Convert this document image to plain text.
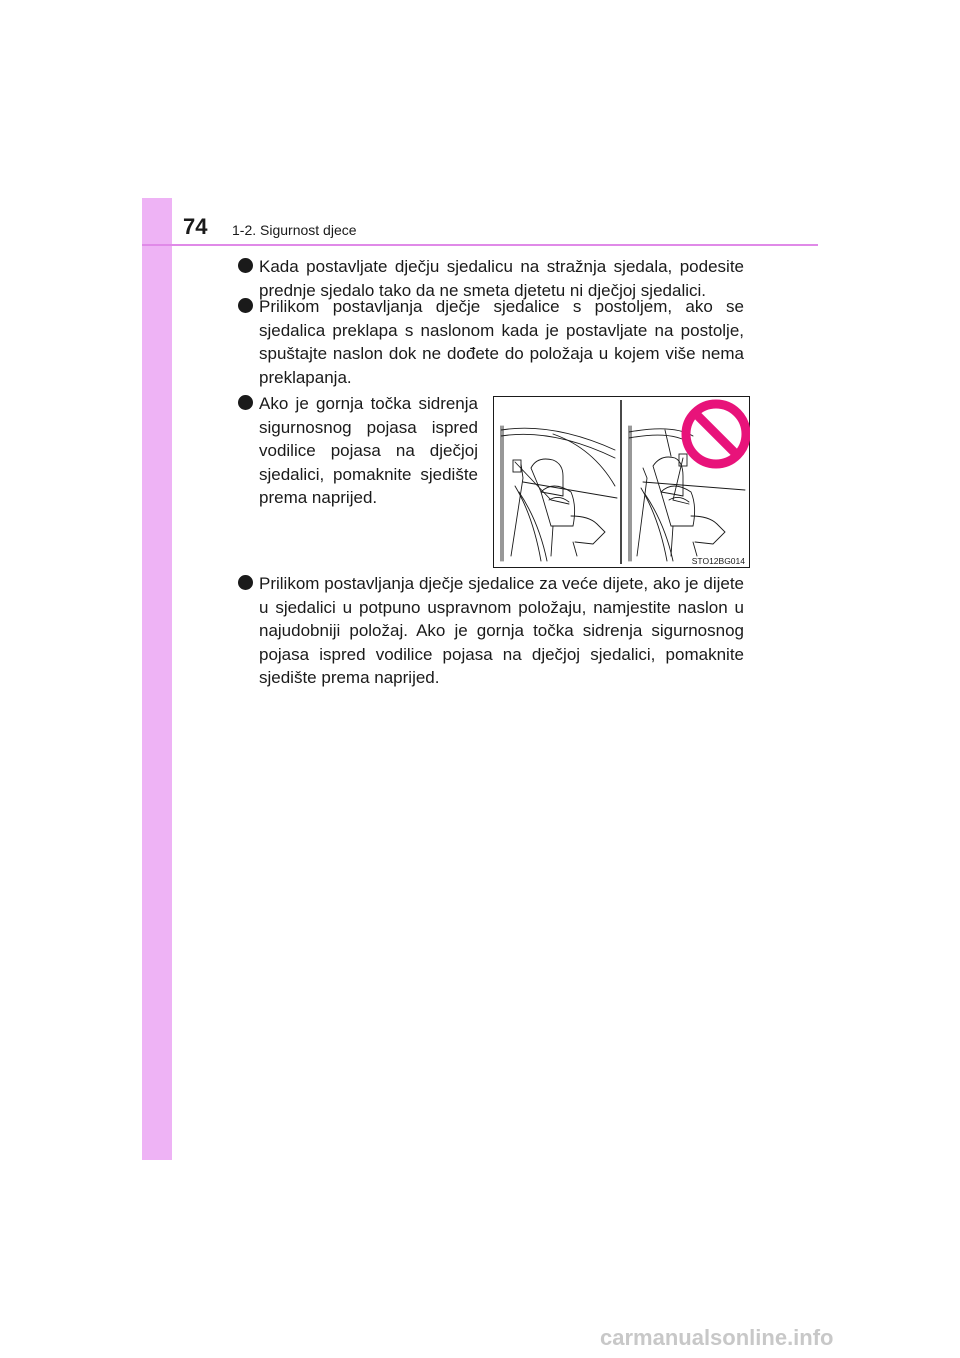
74 1-2. Sigurnost djece

Kada postavljate dječju sjedalicu na stražnja sjedala, podesite prednje sjedalo tako da ne smeta djetetu ni dječjoj sjedalici.

Prilikom postavljanja dječje sjedalice s postoljem, ako se sjedalica preklapa s naslonom kada je postavljate na postolje, spuštajte naslon dok ne dođete do položaja u kojem više nema preklapanja.

Ako je gornja točka sidrenja sigurnosnog pojasa ispred vodilice pojasa na dječjoj sjedalici, pomaknite sjedište prema naprijed.

STO12BG014

Prilikom postavljanja dječje sjedalice za veće dijete, ako je dijete u sjedalici u potpuno uspravnom položaju, namjestite naslon u najudobniji položaj. Ako je gornja točka sidrenja sigurnosnog pojasa ispred vodilice pojasa na dječjoj sjedalici, pomaknite sjedište prema naprijed.

carmanualsonline.info
